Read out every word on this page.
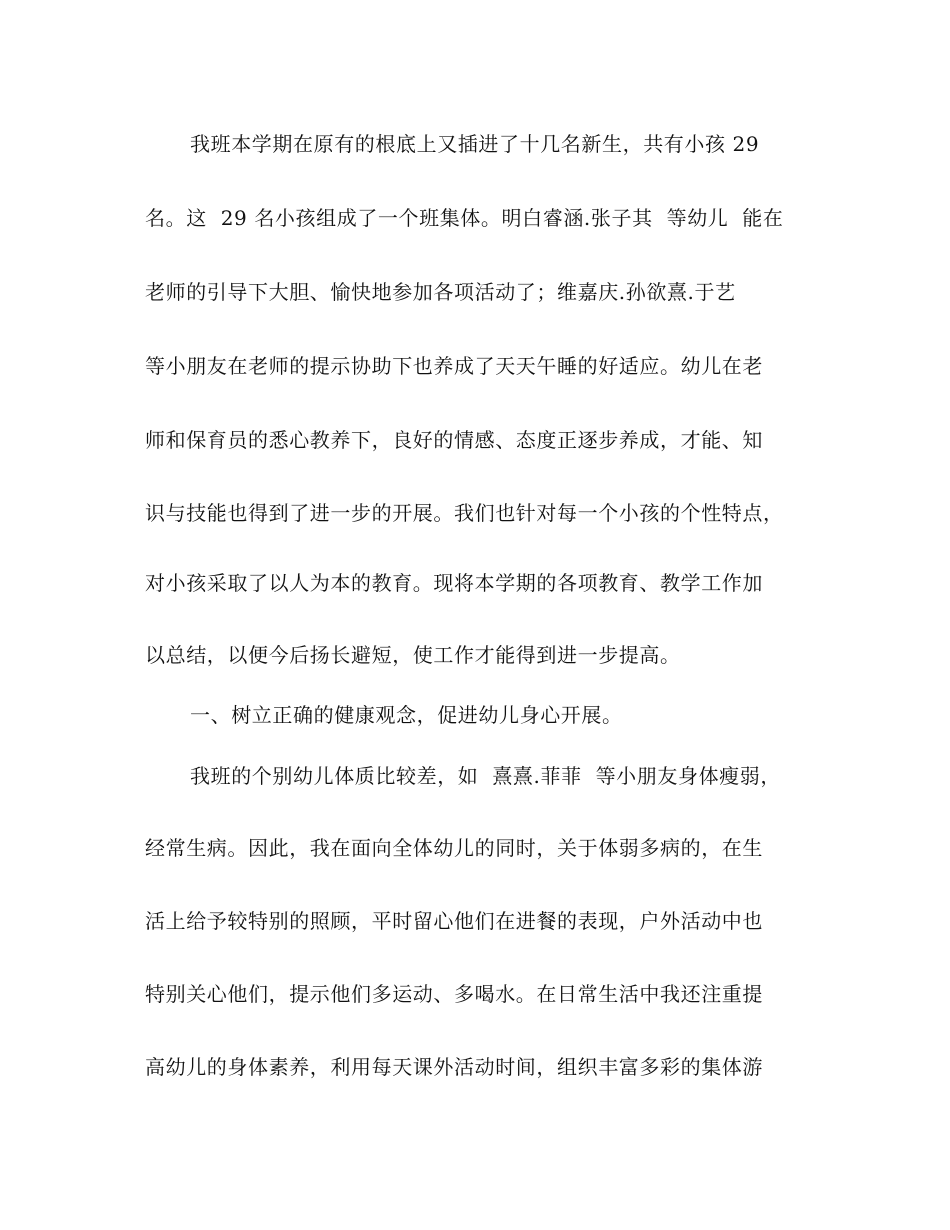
我班本学期在原有的根底上又插进了十几名新生，共有小孩 29
名。这  29 名小孩组成了一个班集体。明白睿涵.张子其  等幼儿  能在
老师的引导下大胆、愉快地参加各项活动了；维嘉庆.孙欲熹.于艺
等小朋友在老师的提示协助下也养成了天天午睡的好适应。幼儿在老
师和保育员的悉心教养下，良好的情感、态度正逐步养成，才能、知
识与技能也得到了进一步的开展。我们也针对每一个小孩的个性特点，
对小孩采取了以人为本的教育。现将本学期的各项教育、教学工作加
以总结，以便今后扬长避短，使工作才能得到进一步提高。
一、树立正确的健康观念，促进幼儿身心开展。
我班的个别幼儿体质比较差，如  熹熹.菲菲  等小朋友身体瘦弱，
经常生病。因此，我在面向全体幼儿的同时，关于体弱多病的，在生
活上给予较特别的照顾，平时留心他们在进餐的表现，户外活动中也
特别关心他们，提示他们多运动、多喝水。在日常生活中我还注重提
高幼儿的身体素养，利用每天课外活动时间，组织丰富多彩的集体游
